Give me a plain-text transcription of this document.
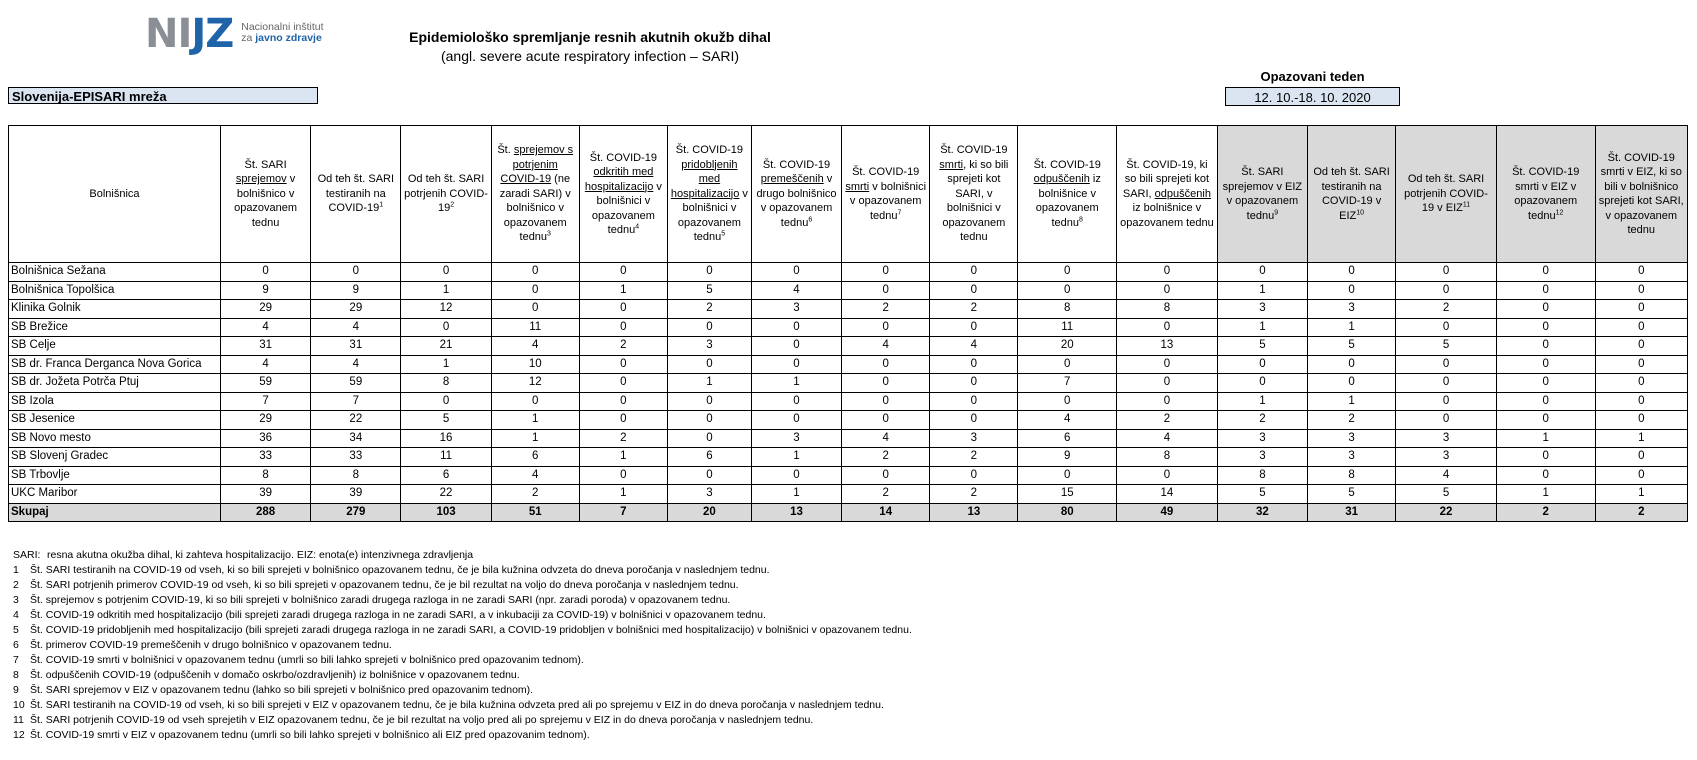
NIJZ Nacionalni inštitut
za javno zdravje	Epidemiološko spremljanje resnih akutnih okužb dihal
(angl. severe acute respiratory infection – SARI)
Slovenija-EPISARI mreža
Opazovani teden
12. 10.-18. 10. 2020
Bolnišnica	Št. SARI sprejemov v bolnišnico v opazovanem tednu	Od teh št. SARI testiranih na COVID-$19^1$	Od teh št. SARI potrjenih COVID-$19^2$	Št. sprejemov s potrjenim COVID-19 (ne zaradi SARI) v bolnišnico v opazovanem tednu$^3$	Št. COVID-19 odkritih med hospitalizacijo v bolnišnici v opazovanem tednu$^4$	Št. COVID-19 pridobljenih med hospitalizacijo v bolnišnici v opazovanem tednu$^5$	Št. COVID-19 premeščenih v drugo bolnišnico v opazovanem tednu$^6$	Št. COVID-19 smrti v bolnišnici v opazovanem tednu$^7$	Št. COVID-19 smrti, ki so bili sprejeti kot SARI, v bolnišnici v opazovanem tednu	Št. COVID-19 odpuščenih iz bolnišnice v opazovanem tednu$^8$	Št. COVID-19, ki so bili sprejeti kot SARI, odpuščenih iz bolnišnice v opazovanem tednu	Št. SARI sprejemov v EIZ v opazovanem tednu$^9$	Od teh št. SARI testiranih na COVID-19 v EIZ$^{10}$	Od teh št. SARI potrjenih COVID-19 v EIZ$^{11}$	Št. COVID-19 smrti v EIZ v opazovanem tednu$^{12}$	Št. COVID-19 smrti v EIZ, ki so bili v bolnišnico sprejeti kot SARI, v opazovanem tednu
Bolnišnica Sežana	0	0	0	0	0	0	0	0	0	0	0	0	0	0	0	0
Bolnišnica Topolšica	9	9	1	0	1	5	4	0	0	0	0	1	0	0	0	0
Klinika Golnik	29	29	12	0	0	2	3	2	2	8	8	3	3	2	0	0
SB Brežice	4	4	0	11	0	0	0	0	0	11	0	1	1	0	0	0
SB Celje	31	31	21	4	2	3	0	4	4	20	13	5	5	5	0	0
SB dr. Franca Derganca Nova Gorica	4	4	1	10	0	0	0	0	0	0	0	0	0	0	0	0
SB dr. Jožeta Potrča Ptuj	59	59	8	12	0	1	1	0	0	7	0	0	0	0	0	0
SB Izola	7	7	0	0	0	0	0	0	0	0	0	1	1	0	0	0
SB Jesenice	29	22	5	1	0	0	0	0	0	4	2	2	2	0	0	0
SB Novo mesto	36	34	16	1	2	0	3	4	3	6	4	3	3	3	1	1
SB Slovenj Gradec	33	33	11	6	1	6	1	2	2	9	8	3	3	3	0	0
SB Trbovlje	8	8	6	4	0	0	0	0	0	0	0	8	8	4	0	0
UKC Maribor	39	39	22	2	1	3	1	2	2	15	14	5	5	5	1	1
Skupaj	288	279	103	51	7	20	13	14	13	80	49	32	31	22	2	2
SARI: resna akutna okužba dihal, ki zahteva hospitalizacijo. EIZ: enota(e) intenzivnega zdravljenja
1 Št. SARI testiranih na COVID-19 od vseh, ki so bili sprejeti v bolnišnico opazovanem tednu, če je bila kužnina odvzeta do dneva poročanja v naslednjem tednu.
2 Št. SARI potrjenih primerov COVID-19 od vseh, ki so bili sprejeti v opazovanem tednu, če je bil rezultat na voljo do dneva poročanja v naslednjem tednu.
3 Št. sprejemov s potrjenim COVID-19, ki so bili sprejeti v bolnišnico zaradi drugega razloga in ne zaradi SARI (npr. zaradi poroda) v opazovanem tednu.
4 Št. COVID-19 odkritih med hospitalizacijo (bili sprejeti zaradi drugega razloga in ne zaradi SARI, a v inkubaciji za COVID-19) v bolnišnici v opazovanem tednu.
5 Št. COVID-19 pridobljenih med hospitalizacijo (bili sprejeti zaradi drugega razloga in ne zaradi SARI, a COVID-19 pridobljen v bolnišnici med hospitalizacijo) v bolnišnici v opazovanem tednu.
6 Št. primerov COVID-19 premeščenih v drugo bolnišnico v opazovanem tednu.
7 Št. COVID-19 smrti v bolnišnici v opazovanem tednu (umrli so bili lahko sprejeti v bolnišnico pred opazovanim tednom).
8 Št. odpuščenih COVID-19 (odpuščenih v domačo oskrbo/ozdravljenih) iz bolnišnice v opazovanem tednu.
9 Št. SARI sprejemov v EIZ v opazovanem tednu (lahko so bili sprejeti v bolnišnico pred opazovanim tednom).
10 Št. SARI testiranih na COVID-19 od vseh, ki so bili sprejeti v EIZ v opazovanem tednu, če je bila kužnina odvzeta pred ali po sprejemu v EIZ in do dneva poročanja v naslednjem tednu.
11 Št. SARI potrjenih COVID-19 od vseh sprejetih v EIZ opazovanem tednu, če je bil rezultat na voljo pred ali po sprejemu v EIZ in do dneva poročanja v naslednjem tednu.
12 Št. COVID-19 smrti v EIZ v opazovanem tednu (umrli so bili lahko sprejeti v bolnišnico ali EIZ pred opazovanim tednom).
